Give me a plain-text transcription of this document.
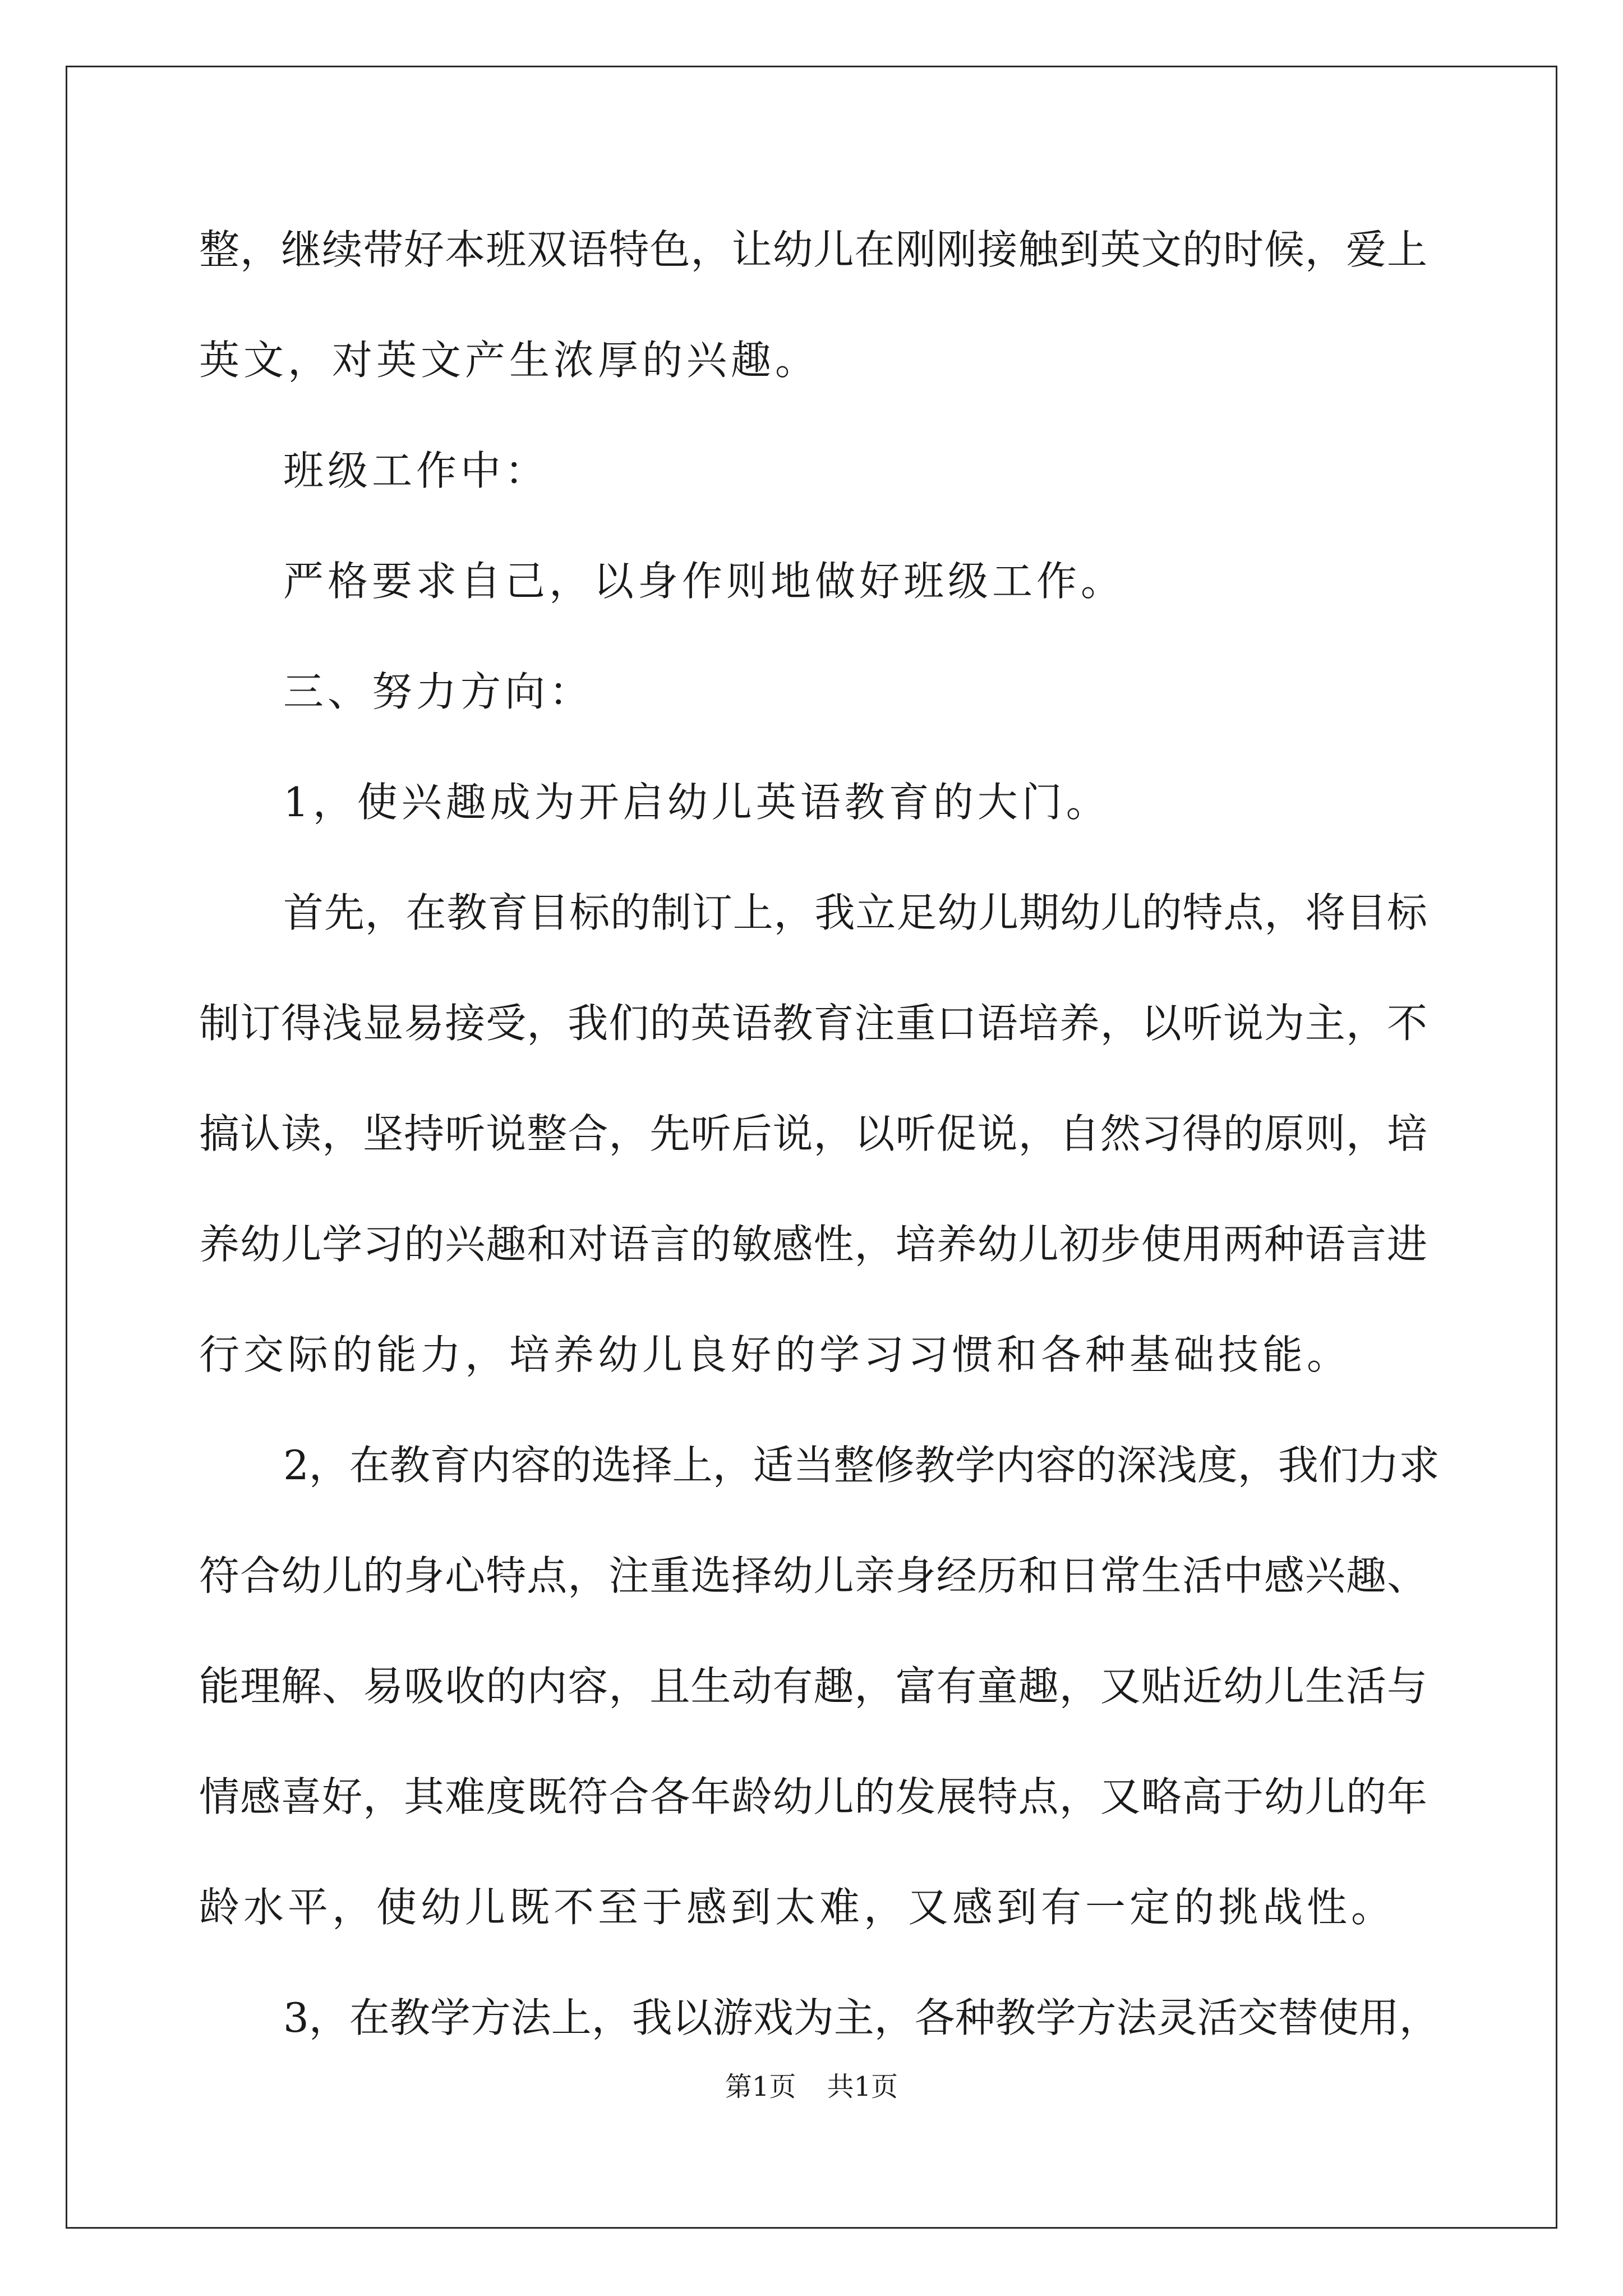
整，继续带好本班双语特色，让幼儿在刚刚接触到英文的时候，爱上
英文，对英文产生浓厚的兴趣。
班级工作中：
严格要求自己，以身作则地做好班级工作。
三、努力方向：
1，使兴趣成为开启幼儿英语教育的大门。
首先，在教育目标的制订上，我立足幼儿期幼儿的特点，将目标
制订得浅显易接受，我们的英语教育注重口语培养，以听说为主，不
搞认读，坚持听说整合，先听后说，以听促说，自然习得的原则，培
养幼儿学习的兴趣和对语言的敏感性，培养幼儿初步使用两种语言进
行交际的能力，培养幼儿良好的学习习惯和各种基础技能。
2，在教育内容的选择上，适当整修教学内容的深浅度，我们力求
符合幼儿的身心特点，注重选择幼儿亲身经历和日常生活中感兴趣、
能理解、易吸收的内容，且生动有趣，富有童趣，又贴近幼儿生活与
情感喜好，其难度既符合各年龄幼儿的发展特点，又略高于幼儿的年
龄水平，使幼儿既不至于感到太难，又感到有一定的挑战性。
3，在教学方法上，我以游戏为主，各种教学方法灵活交替使用，
第1页 共1页
